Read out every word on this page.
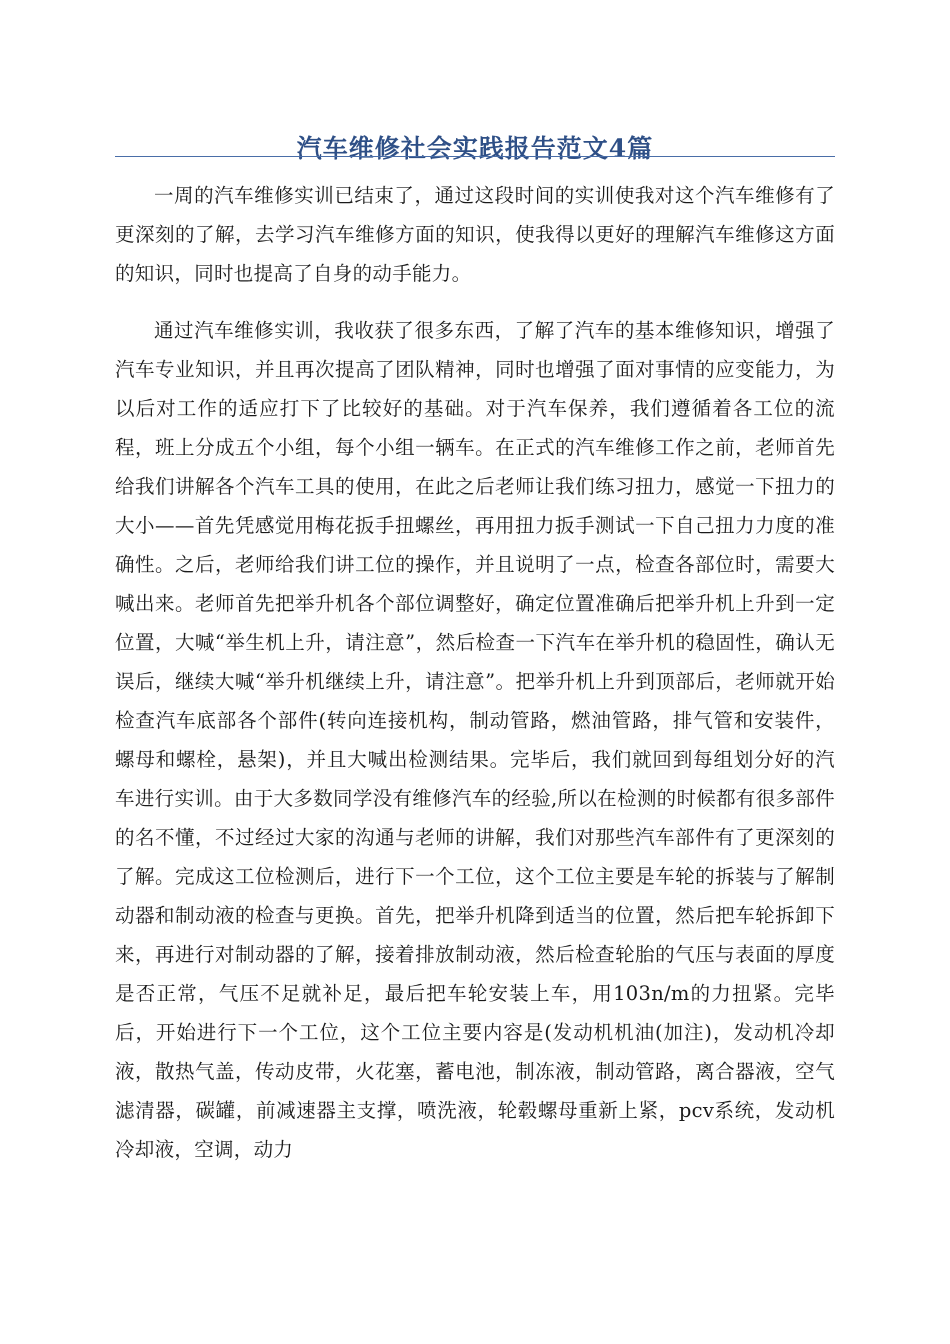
汽车维修社会实践报告范文4篇

一周的汽车维修实训已结束了，通过这段时间的实训使我对这个汽车维修有了更深刻的了解，去学习汽车维修方面的知识，使我得以更好的理解汽车维修这方面的知识，同时也提高了自身的动手能力。

通过汽车维修实训，我收获了很多东西，了解了汽车的基本维修知识，增强了汽车专业知识，并且再次提高了团队精神，同时也增强了面对事情的应变能力，为以后对工作的适应打下了比较好的基础。对于汽车保养，我们遵循着各工位的流程，班上分成五个小组，每个小组一辆车。在正式的汽车维修工作之前，老师首先给我们讲解各个汽车工具的使用，在此之后老师让我们练习扭力，感觉一下扭力的大小——首先凭感觉用梅花扳手扭螺丝，再用扭力扳手测试一下自己扭力力度的准确性。之后，老师给我们讲工位的操作，并且说明了一点，检查各部位时，需要大喊出来。老师首先把举升机各个部位调整好，确定位置准确后把举升机上升到一定位置，大喊“举生机上升，请注意”，然后检查一下汽车在举升机的稳固性，确认无误后，继续大喊“举升机继续上升，请注意”。把举升机上升到顶部后，老师就开始检查汽车底部各个部件(转向连接机构，制动管路，燃油管路，排气管和安装件，螺母和螺栓，悬架)，并且大喊出检测结果。完毕后，我们就回到每组划分好的汽车进行实训。由于大多数同学没有维修汽车的经验,所以在检测的时候都有很多部件的名不懂，不过经过大家的沟通与老师的讲解，我们对那些汽车部件有了更深刻的了解。完成这工位检测后，进行下一个工位，这个工位主要是车轮的拆装与了解制动器和制动液的检查与更换。首先，把举升机降到适当的位置，然后把车轮拆卸下来，再进行对制动器的了解，接着排放制动液，然后检查轮胎的气压与表面的厚度是否正常，气压不足就补足，最后把车轮安装上车，用103n/m的力扭紧。完毕后，开始进行下一个工位，这个工位主要内容是(发动机机油(加注)，发动机冷却液，散热气盖，传动皮带，火花塞，蓄电池，制冻液，制动管路，离合器液，空气滤清器，碳罐，前减速器主支撑，喷洗液，轮毂螺母重新上紧，pcv系统，发动机冷却液，空调，动力
